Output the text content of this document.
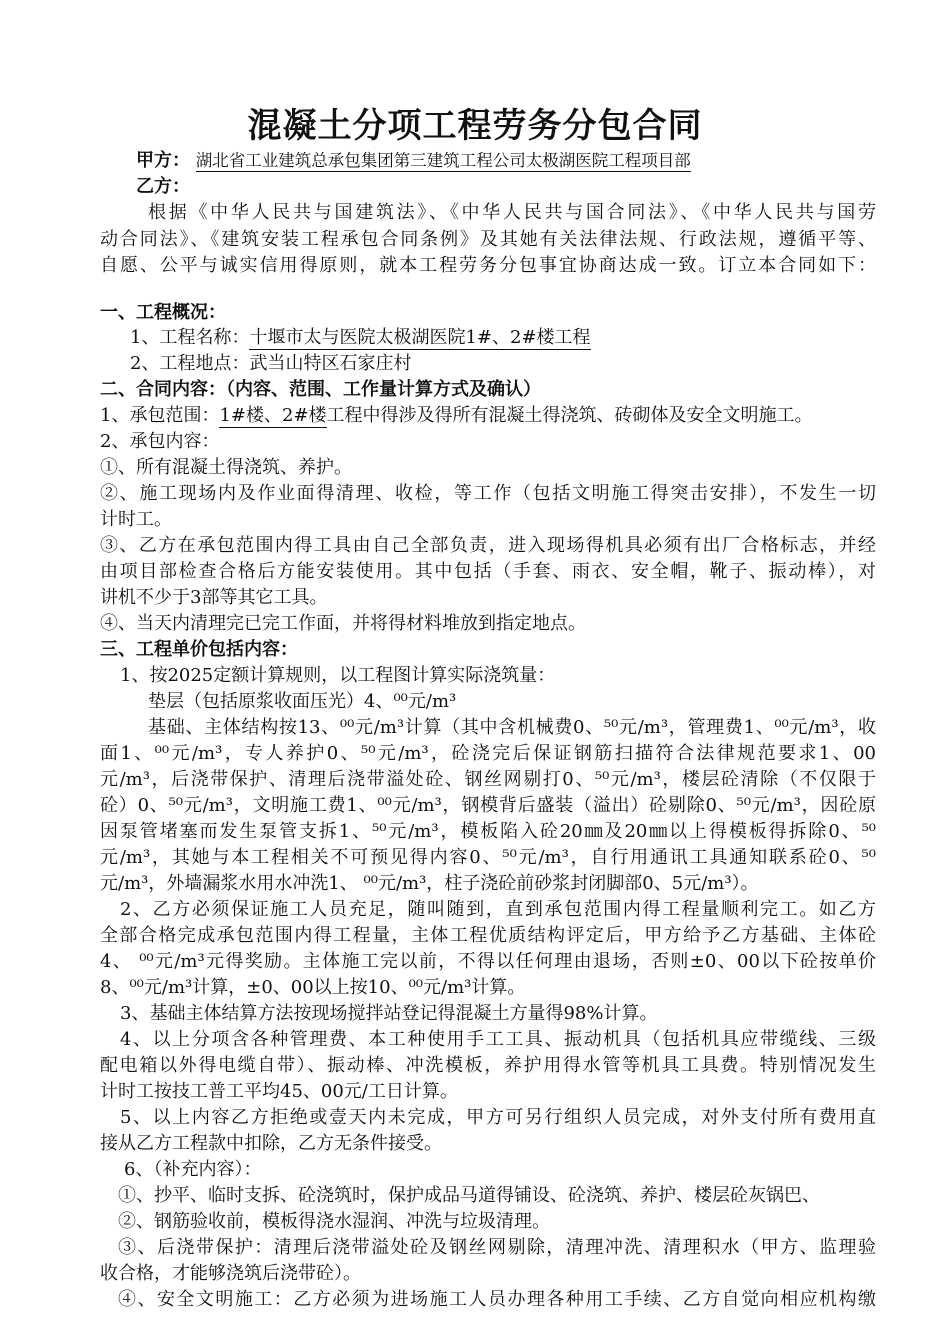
混凝土分项工程劳务分包合同
甲方： 湖北省工业建筑总承包集团第三建筑工程公司太极湖医院工程项目部
乙方：
根据《中华人民共与国建筑法》、《中华人民共与国合同法》、《中华人民共与国劳
动合同法》、《建筑安装工程承包合同条例》及其她有关法律法规、行政法规，遵循平等、
自愿、公平与诚实信用得原则，就本工程劳务分包事宜协商达成一致。订立本合同如下：
一、工程概况：
1、工程名称：十堰市太与医院太极湖医院1#、2#楼工程
2、工程地点：武当山特区石家庄村
二、合同内容：（内容、范围、工作量计算方式及确认）
1、承包范围：1#楼、2#楼工程中得涉及得所有混凝土得浇筑、砖砌体及安全文明施工。
2、承包内容：
①、所有混凝土得浇筑、养护。
②、施工现场内及作业面得清理、收检，等工作（包括文明施工得突击安排），不发生一切
计时工。
③、乙方在承包范围内得工具由自己全部负责，进入现场得机具必须有出厂合格标志，并经
由项目部检查合格后方能安装使用。其中包括（手套、雨衣、安全帽，靴子、振动棒），对
讲机不少于3部等其它工具。
④、当天内清理完已完工作面，并将得材料堆放到指定地点。
三、工程单价包括内容：
1、按2025定额计算规则，以工程图计算实际浇筑量：
垫层（包括原浆收面压光）4、⁰⁰元/m³
基础、主体结构按13、⁰⁰元/m³计算（其中含机械费0、⁵⁰元/m³，管理费1、⁰⁰元/m³，收
面1、⁰⁰元/m³，专人养护0、⁵⁰元/m³，砼浇完后保证钢筋扫描符合法律规范要求1、00
元/m³，后浇带保护、清理后浇带溢处砼、钢丝网剔打0、⁵⁰元/m³，楼层砼清除（不仅限于
砼）0、⁵⁰元/m³，文明施工费1、⁰⁰元/m³，钢模背后盛装（溢出）砼剔除0、⁵⁰元/m³，因砼原
因泵管堵塞而发生泵管支拆1、⁵⁰元/m³，模板陷入砼20㎜及20㎜以上得模板得拆除0、⁵⁰
元/m³，其她与本工程相关不可预见得内容0、⁵⁰元/m³，自行用通讯工具通知联系砼0、⁵⁰
元/m³，外墙漏浆水用水冲洗1、 ⁰⁰元/m³，柱子浇砼前砂浆封闭脚部0、5元/m³）。
2、乙方必须保证施工人员充足，随叫随到，直到承包范围内得工程量顺利完工。如乙方
全部合格完成承包范围内得工程量，主体工程优质结构评定后，甲方给予乙方基础、主体砼
4、 ⁰⁰元/m³元得奖励。主体施工完以前，不得以任何理由退场，否则±0、00以下砼按单价
8、⁰⁰元/m³计算，±0、00以上按10、⁰⁰元/m³计算。
3、基础主体结算方法按现场搅拌站登记得混凝土方量得98%计算。
4、以上分项含各种管理费、本工种使用手工工具、振动机具（包括机具应带缆线、三级
配电箱以外得电缆自带）、振动棒、冲洗模板，养护用得水管等机具工具费。特别情况发生
计时工按技工普工平均45、00元/工日计算。
5、以上内容乙方拒绝或壹天内未完成，甲方可另行组织人员完成，对外支付所有费用直
接从乙方工程款中扣除，乙方无条件接受。
6、（补充内容）：
①、抄平、临时支拆、砼浇筑时，保护成品马道得铺设、砼浇筑、养护、楼层砼灰锅巴、
②、钢筋验收前，模板得浇水湿润、冲洗与垃圾清理。
③、后浇带保护：清理后浇带溢处砼及钢丝网剔除，清理冲洗、清理积水（甲方、监理验
收合格，才能够浇筑后浇带砼）。
④、安全文明施工：乙方必须为进场施工人员办理各种用工手续、乙方自觉向相应机构缴
